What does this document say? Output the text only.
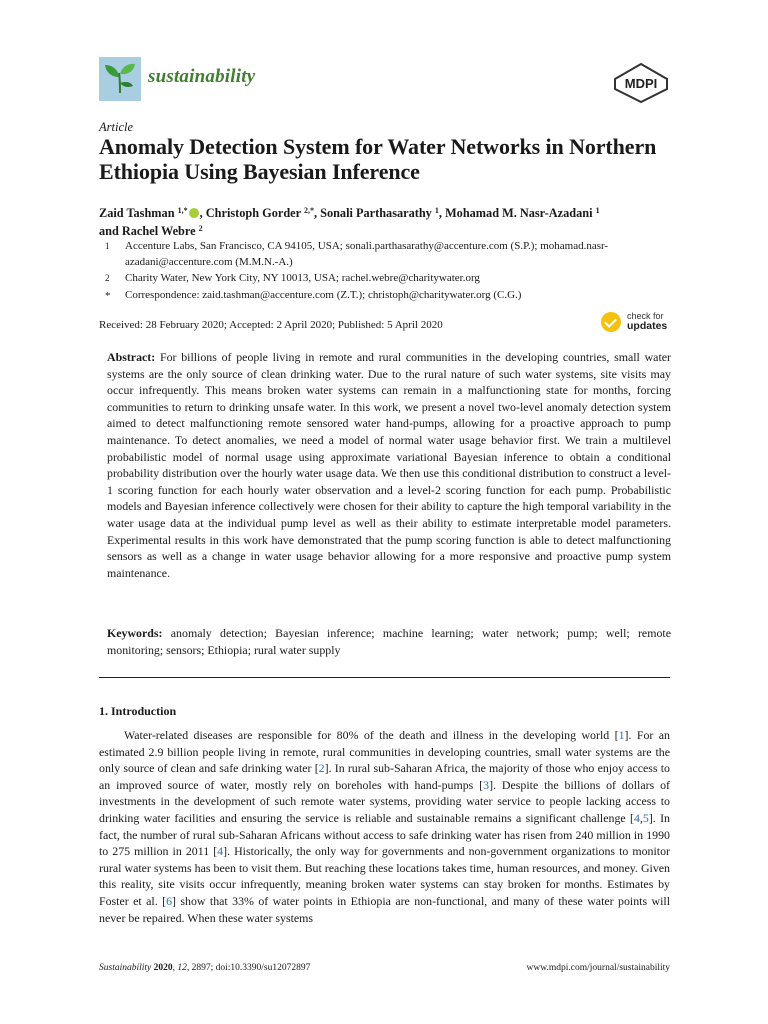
sustainability	MDPI
Article
Anomaly Detection System for Water Networks in Northern Ethiopia Using Bayesian Inference
Zaid Tashman $^{1,*}$ , Christoph Gorder $^{2,*}$, Sonali Parthasarathy $^1$, Mohamad M. Nasr-Azadani $^1$
and Rachel Webre $^2$
1 Accenture Labs, San Francisco, CA 94105, USA; sonali.parthasarathy@accenture.com (S.P.); mohamad.nasr-azadani@accenture.com (M.M.N.-A.)
2 Charity Water, New York City, NY 10013, USA; rachel.webre@charitywater.org
* Correspondence: zaid.tashman@accenture.com (Z.T.); christoph@charitywater.org (C.G.)
Received: 28 February 2020; Accepted: 2 April 2020; Published: 5 April 2020
check for
updates
Abstract: For billions of people living in remote and rural communities in the developing countries, small water systems are the only source of clean drinking water. Due to the rural nature of such water systems, site visits may occur infrequently. This means broken water systems can remain in a malfunctioning state for months, forcing communities to return to drinking unsafe water. In this work, we present a novel two-level anomaly detection system aimed to detect malfunctioning remote sensored water hand-pumps, allowing for a proactive approach to pump maintenance. To detect anomalies, we need a model of normal water usage behavior first. We train a multilevel probabilistic model of normal usage using approximate variational Bayesian inference to obtain a conditional probability distribution over the hourly water usage data. We then use this conditional distribution to construct a level-1 scoring function for each hourly water observation and a level-2 scoring function for each pump. Probabilistic models and Bayesian inference collectively were chosen for their ability to capture the high temporal variability in the water usage data at the individual pump level as well as their ability to estimate interpretable model parameters. Experimental results in this work have demonstrated that the pump scoring function is able to detect malfunctioning sensors as well as a change in water usage behavior allowing for a more responsive and proactive pump system maintenance.
Keywords: anomaly detection; Bayesian inference; machine learning; water network; pump; well; remote monitoring; sensors; Ethiopia; rural water supply
1. Introduction
Water-related diseases are responsible for 80% of the death and illness in the developing world [1]. For an estimated 2.9 billion people living in remote, rural communities in developing countries, small water systems are the only source of clean and safe drinking water [2]. In rural sub-Saharan Africa, the majority of those who enjoy access to an improved source of water, mostly rely on boreholes with hand-pumps [3]. Despite the billions of dollars of investments in the development of such remote water systems, providing water service to people lacking access to drinking water facilities and ensuring the service is reliable and sustainable remains a significant challenge [4,5]. In fact, the number of rural sub-Saharan Africans without access to safe drinking water has risen from 240 million in 1990 to 275 million in 2011 [4]. Historically, the only way for governments and non-government organizations to monitor rural water systems has been to visit them. But reaching these locations takes time, human resources, and money. Given this reality, site visits occur infrequently, meaning broken water systems can stay broken for months. Estimates by Foster et al. [6] show that 33% of water points in Ethiopia are non-functional, and many of these water points will never be repaired. When these water systems
Sustainability 2020, 12, 2897; doi:10.3390/su12072897	www.mdpi.com/journal/sustainability
